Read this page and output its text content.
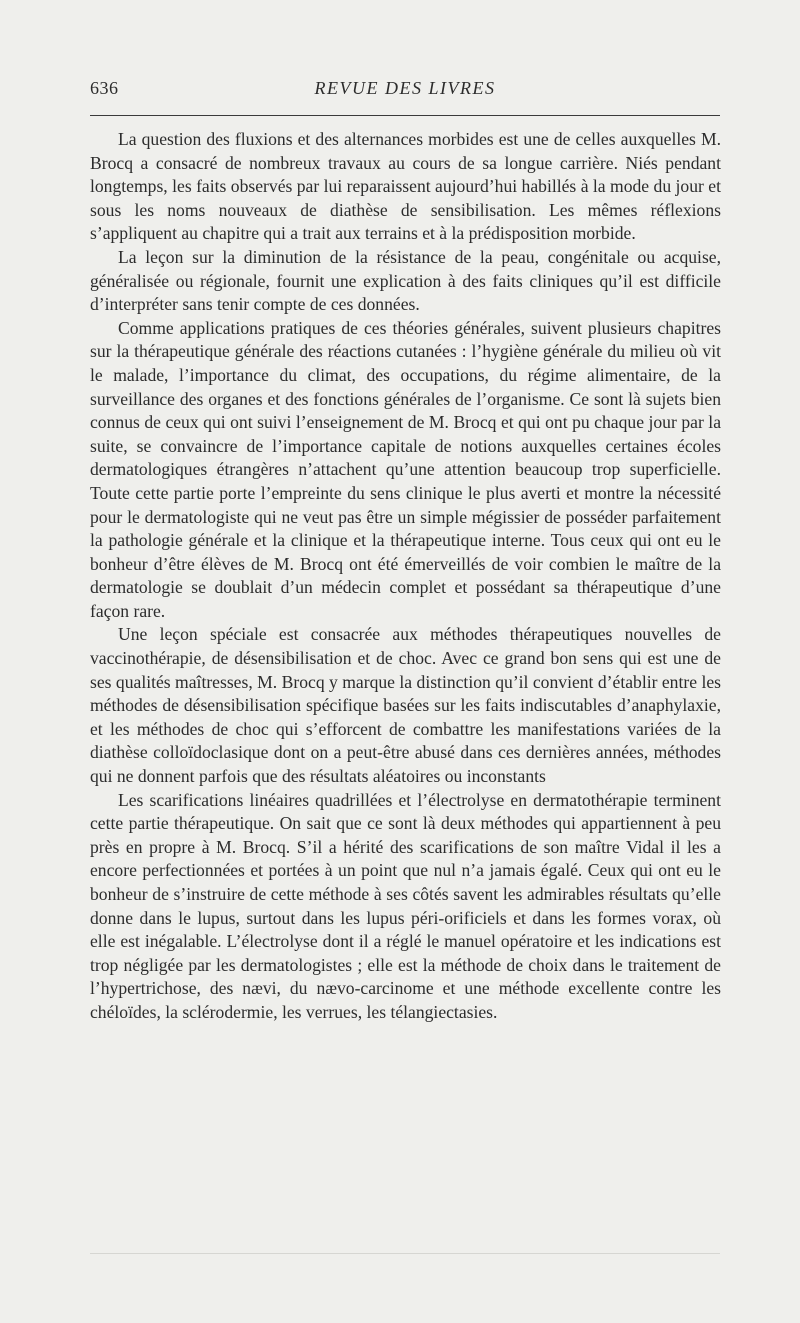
636	REVUE DES LIVRES

La question des fluxions et des alternances morbides est une de celles auxquelles M. Brocq a consacré de nombreux travaux au cours de sa longue carrière. Niés pendant longtemps, les faits observés par lui reparaissent aujourd’hui habillés à la mode du jour et sous les noms nouveaux de diathèse de sensibilisation. Les mêmes réflexions s’appliquent au chapitre qui a trait aux terrains et à la prédisposition morbide.

La leçon sur la diminution de la résistance de la peau, congénitale ou acquise, généralisée ou régionale, fournit une explication à des faits cliniques qu’il est difficile d’interpréter sans tenir compte de ces données.

Comme applications pratiques de ces théories générales, suivent plusieurs chapitres sur la thérapeutique générale des réactions cutanées : l’hygiène générale du milieu où vit le malade, l’importance du climat, des occupations, du régime alimentaire, de la surveillance des organes et des fonctions générales de l’organisme. Ce sont là sujets bien connus de ceux qui ont suivi l’enseignement de M. Brocq et qui ont pu chaque jour par la suite, se convaincre de l’importance capitale de notions auxquelles certaines écoles dermatologiques étrangères n’attachent qu’une attention beaucoup trop superficielle. Toute cette partie porte l’empreinte du sens clinique le plus averti et montre la nécessité pour le dermatologiste qui ne veut pas être un simple mégissier de posséder parfaitement la pathologie générale et la clinique et la thérapeutique interne. Tous ceux qui ont eu le bonheur d’être élèves de M. Brocq ont été émerveillés de voir combien le maître de la dermatologie se doublait d’un médecin complet et possédant sa thérapeutique d’une façon rare.

Une leçon spéciale est consacrée aux méthodes thérapeutiques nouvelles de vaccinothérapie, de désensibilisation et de choc. Avec ce grand bon sens qui est une de ses qualités maîtresses, M. Brocq y marque la distinction qu’il convient d’établir entre les méthodes de désensibilisation spécifique basées sur les faits indiscutables d’anaphylaxie, et les méthodes de choc qui s’efforcent de combattre les manifestations variées de la diathèse colloïdoclasique dont on a peut-être abusé dans ces dernières années, méthodes qui ne donnent parfois que des résultats aléatoires ou inconstants

Les scarifications linéaires quadrillées et l’électrolyse en dermatothérapie terminent cette partie thérapeutique. On sait que ce sont là deux méthodes qui appartiennent à peu près en propre à M. Brocq. S’il a hérité des scarifications de son maître Vidal il les a encore perfectionnées et portées à un point que nul n’a jamais égalé. Ceux qui ont eu le bonheur de s’instruire de cette méthode à ses côtés savent les admirables résultats qu’elle donne dans le lupus, surtout dans les lupus péri-orificiels et dans les formes vorax, où elle est inégalable. L’électrolyse dont il a réglé le manuel opératoire et les indications est trop négligée par les dermatologistes ; elle est la méthode de choix dans le traitement de l’hypertrichose, des nævi, du nævo-carcinome et une méthode excellente contre les chéloïdes, la sclérodermie, les verrues, les télangiectasies.
